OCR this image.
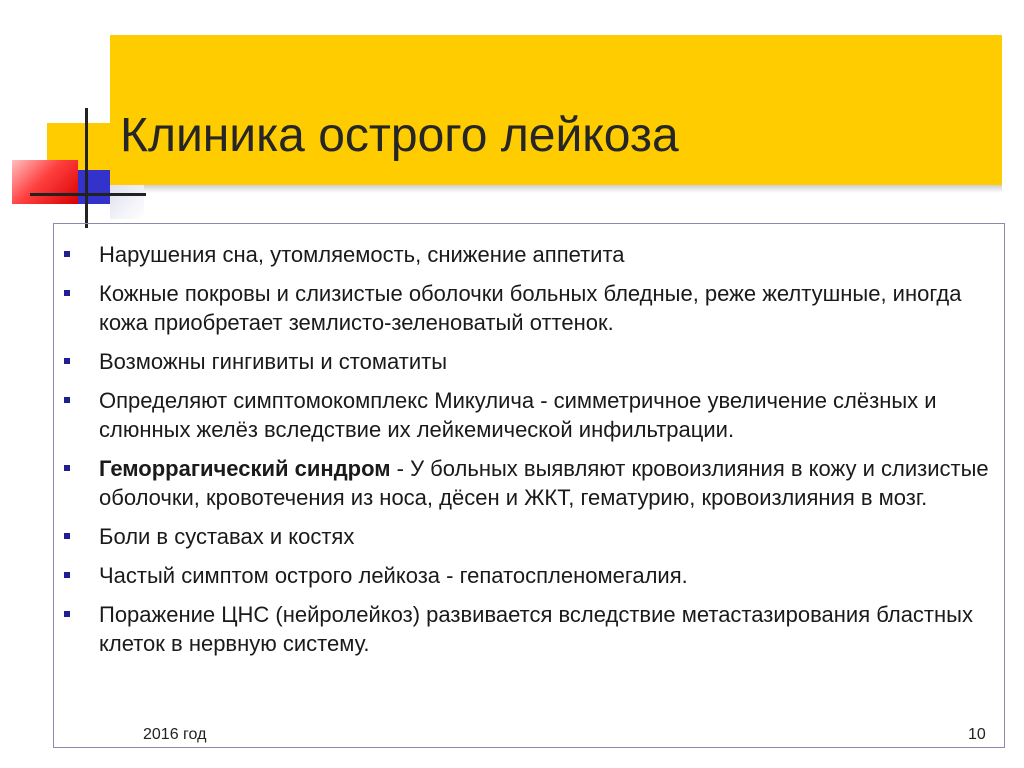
Клиника острого лейкоза
Нарушения сна, утомляемость, снижение аппетита
Кожные покровы и слизистые оболочки больных бледные, реже желтушные, иногда кожа приобретает землисто-зеленоватый оттенок.
Возможны гингивиты и стоматиты
Определяют симптомокомплекс Микулича - симметричное увеличение слёзных и слюнных желёз вследствие их лейкемической инфильтрации.
Геморрагический синдром - У больных выявляют кровоизлияния в кожу и слизистые оболочки, кровотечения из носа, дёсен и ЖКТ, гематурию, кровоизлияния в мозг.
Боли в суставах и костях
Частый симптом острого лейкоза - гепатоспленомегалия.
Поражение ЦНС (нейролейкоз) развивается вследствие метастазирования бластных клеток в нервную систему.
2016 год	10
